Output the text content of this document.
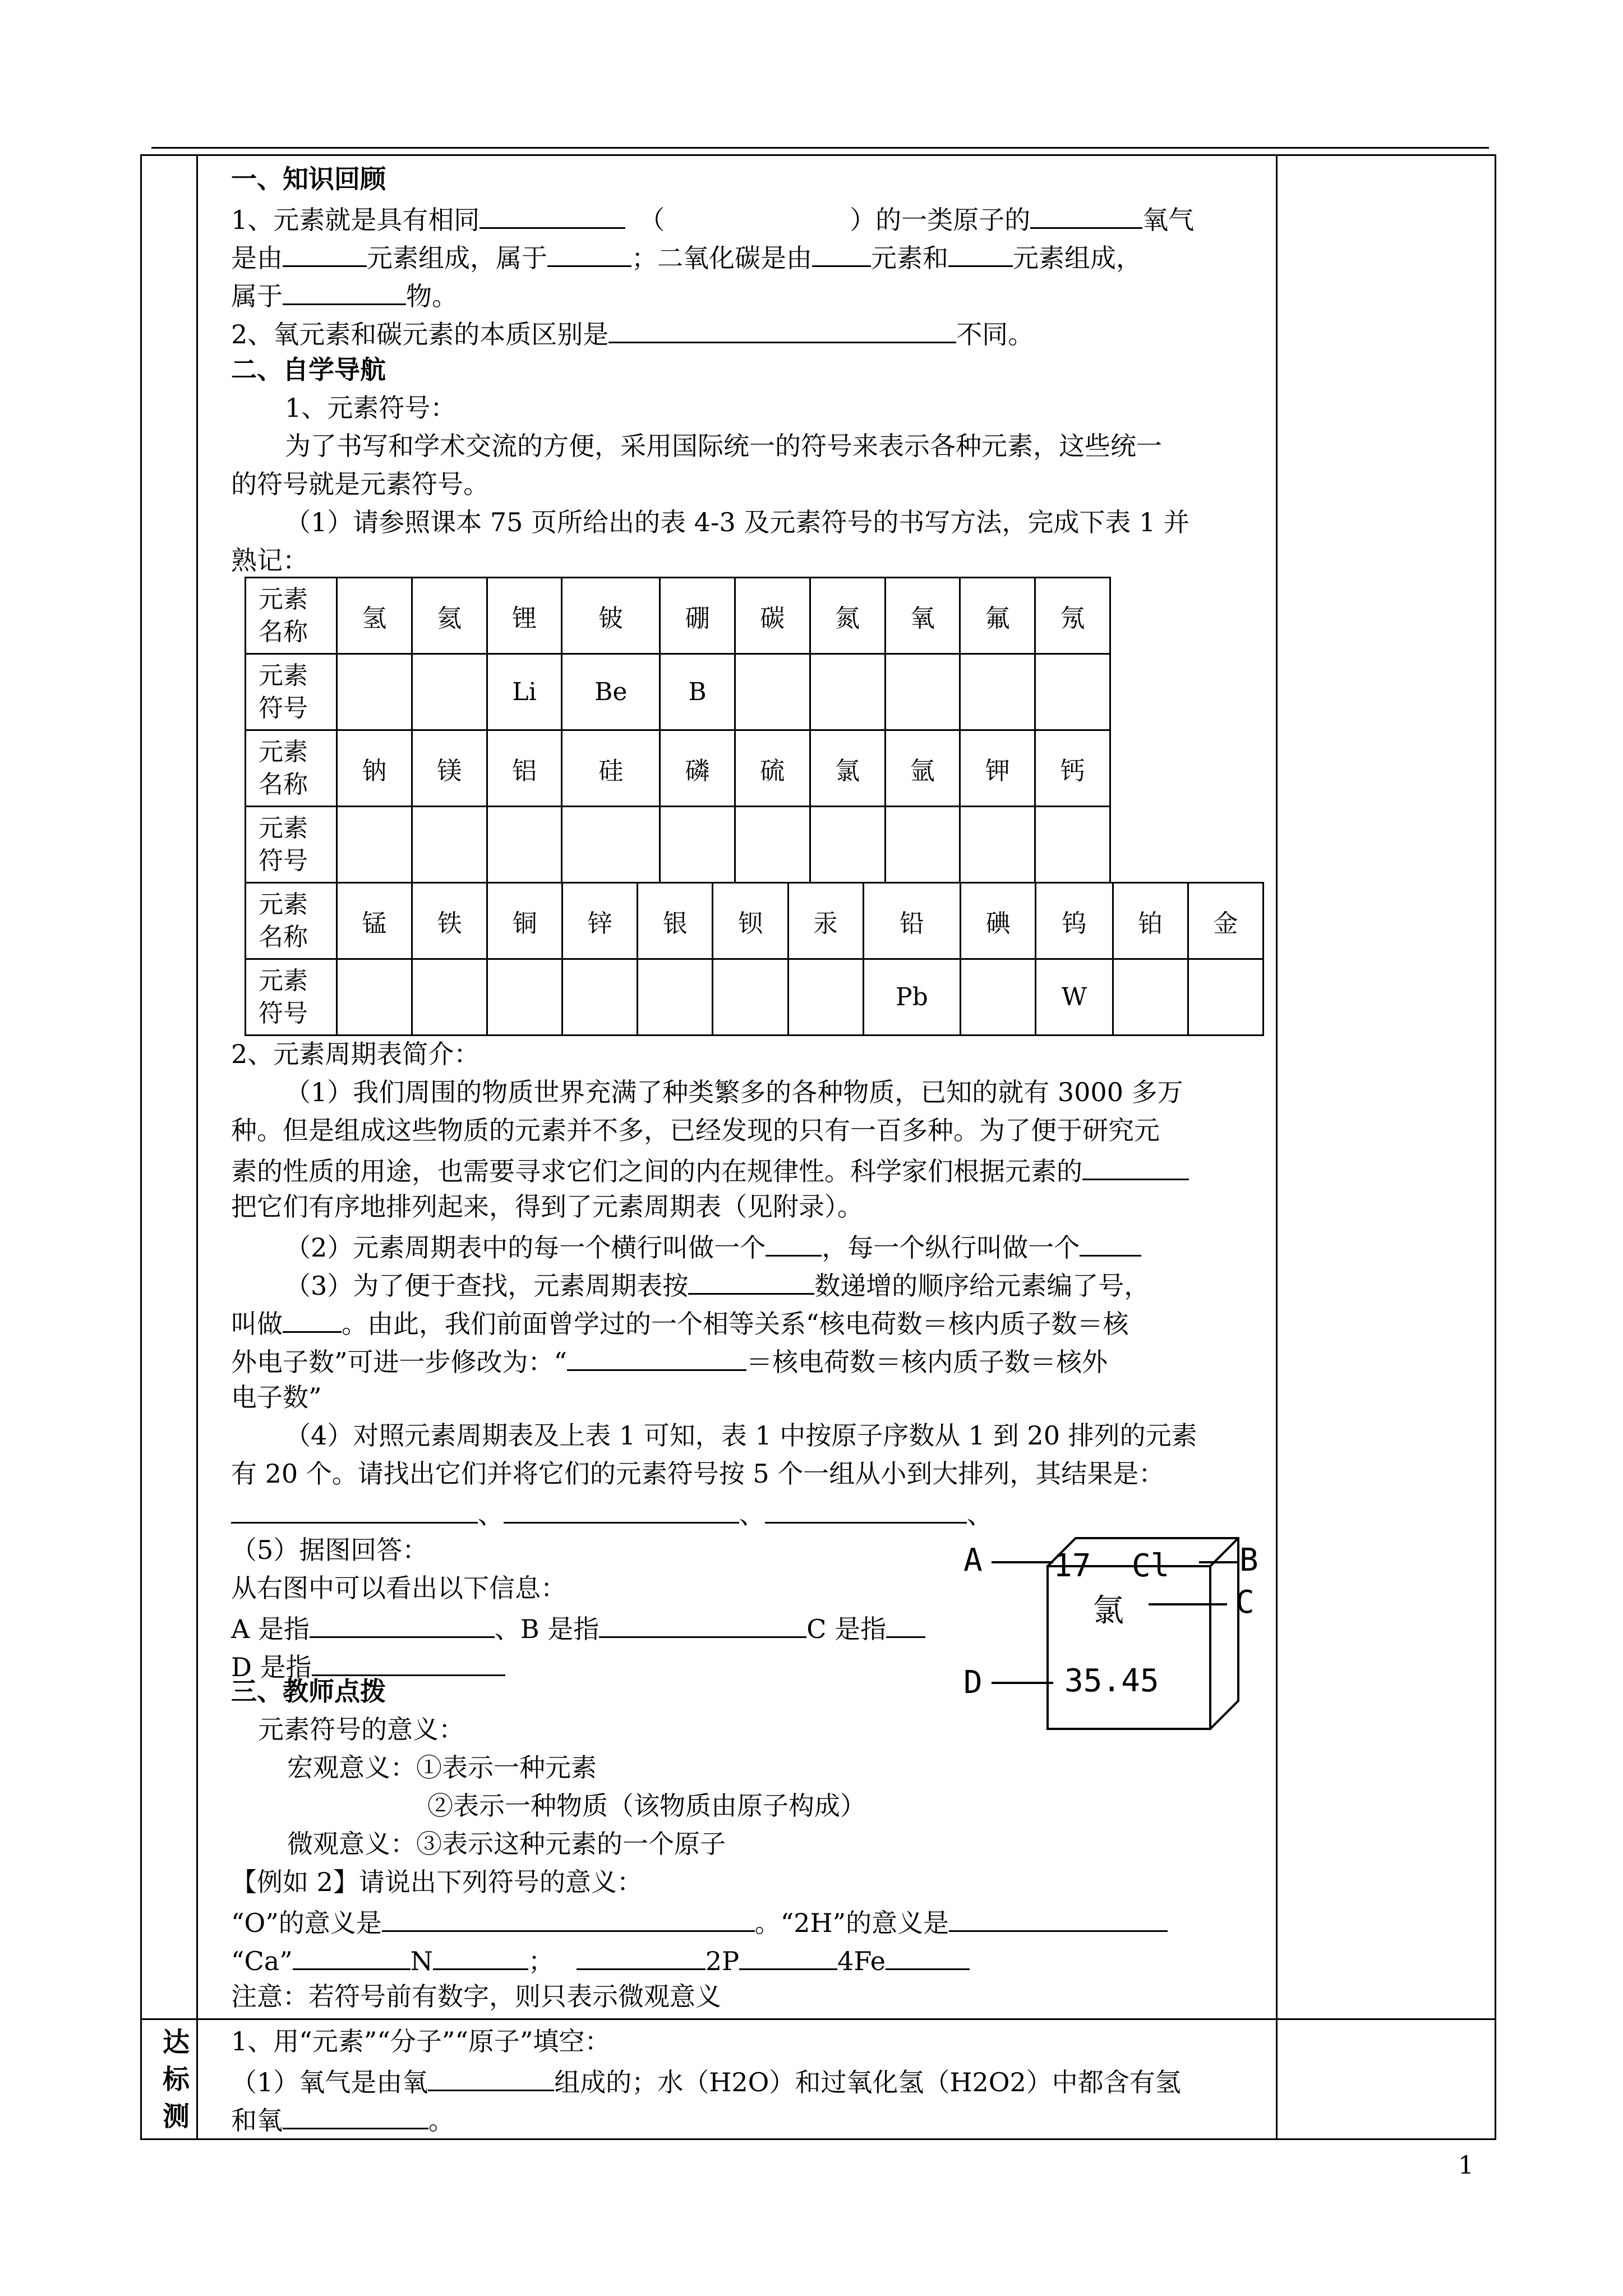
达
标
测
一、知识回顾
1、元素就是具有相同	（	）的一类原子的	氧气
是由	元素组成，属于	；二氧化碳是由 元素和	元素组成，
属于	物。
2、氧元素和碳元素的本质区别是	不同。
二、自学导航
1、元素符号：
为了书写和学术交流的方便，采用国际统一的符号来表示各种元素，这些统一
的符号就是元素符号。
（1）请参照课本 75 页所给出的表 4-3 及元素符号的书写方法，完成下表 1 并
熟记：
元素
名称	氢	氦	锂	铍	硼	碳	氮	氧	氟	氖
元素
符号			Li	Be	B					
元素
名称	钠	镁	铝	硅	磷	硫	氯	氩	钾	钙
元素
符号										
元素
名称	锰	铁	铜	锌	银	钡	汞	铅	碘	钨	铂	金
元素
符号								Pb		W		
2、元素周期表简介：
（1）我们周围的物质世界充满了种类繁多的各种物质，已知的就有 3000 多万
种。但是组成这些物质的元素并不多，已经发现的只有一百多种。为了便于研究元
素的性质的用途，也需要寻求它们之间的内在规律性。科学家们根据元素的
把它们有序地排列起来，得到了元素周期表（见附录）。
（2）元素周期表中的每一个横行叫做一个 ，每一个纵行叫做一个
（3）为了便于查找，元素周期表按	数递增的顺序给元素编了号，
叫做 。由此，我们前面曾学过的一个相等关系“核电荷数＝核内质子数＝核
外电子数”可进一步修改为：“	＝核电荷数＝核内质子数＝核外
电子数”
（4）对照元素周期表及上表 1 可知，表 1 中按原子序数从 1 到 20 排列的元素
有 20 个。请找出它们并将它们的元素符号按 5 个一组从小到大排列，其结果是：
、	、	、
（5）据图回答：
从右图中可以看出以下信息：
A 是指	、B 是指	C 是指
D 是指
A	B
C
D
17 Cl
氯
35.45
三、教师点拨
元素符号的意义：
宏观意义：①表示一种元素
②表示一种物质（该物质由原子构成）
微观意义：③表示这种元素的一个原子
【例如 2】请说出下列符号的意义：
“O”的意义是	。“2H”的意义是
“Ca”	N	；	2P	4Fe
注意：若符号前有数字，则只表示微观意义
1、用“元素”“分子”“原子”填空：
（1）氧气是由氧	组成的；水（H2O）和过氧化氢（H2O2）中都含有氢
和氧	。
1
